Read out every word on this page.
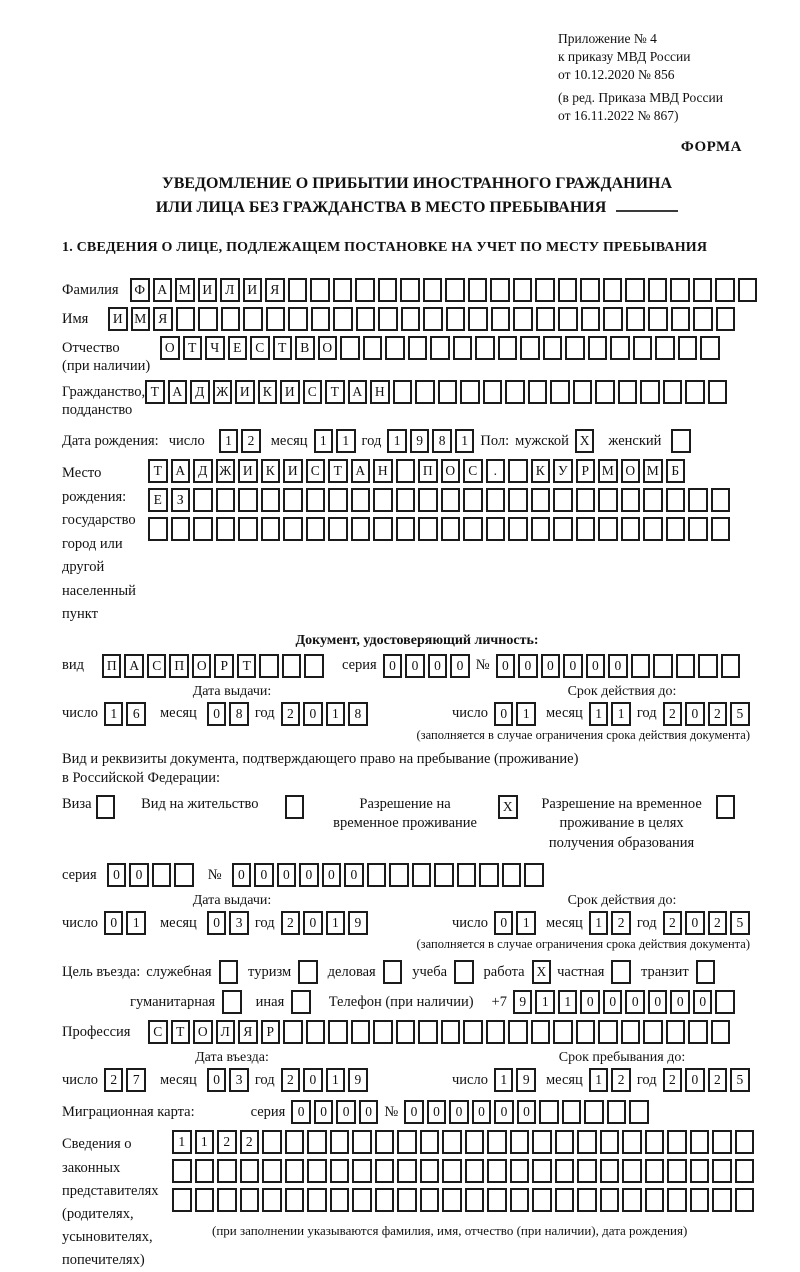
Приложение № 4
к приказу МВД России
от 10.12.2020 № 856
(в ред. Приказа МВД России
от 16.11.2022 № 867)
ФОРМА
УВЕДОМЛЕНИЕ О ПРИБЫТИИ ИНОСТРАННОГО ГРАЖДАНИНА
ИЛИ ЛИЦА БЕЗ ГРАЖДАНСТВА В МЕСТО ПРЕБЫВАНИЯ
1. СВЕДЕНИЯ О ЛИЦЕ, ПОДЛЕЖАЩЕМ ПОСТАНОВКЕ НА УЧЕТ ПО МЕСТУ ПРЕБЫВАНИЯ
Фамилия	Ф А М И Л И Я
Имя	И М Я
Отчество
(при наличии)
О	Т	Ч	Е	С	Т	В О
Гражданство,
подданство
Т	А Д Ж И К И С	Т	А Н
Дата рождения: число	1	2	месяц 1	1 год 1	9	8	1 Пол: мужской X	женский
Место рождения:
государство
город или другой
населенный пункт
Т	А Д Ж И К И С	Т	А Н	П О С	.	К У	Р М О М Б
Е	З
Документ, удостоверяющий личность:
вид	П А С П О	Р	Т	серия 0	0	0	0 № 0	0	0	0	0	0
Дата выдачи:
число 1	6	месяц	0	8 год 2	0	1	8
Срок действия до:
число 0	1	месяц 1	1 год 2	0	2	5
(заполняется в случае ограничения срока действия документа)
Вид и реквизиты документа, подтверждающего право на пребывание (проживание)
в Российской Федерации:
Виза	Вид на жительство	Разрешение на временное проживание
X	Разрешение на временное проживание в целях получения образования
серия	0	0	№	0	0	0	0	0	0
Дата выдачи:
число 0	1	месяц	0	3 год 2	0	1	9
Срок действия до:
число 0	1	месяц 1	2 год 2	0	2	5
(заполняется в случае ограничения срока действия документа)
Цель въезда: служебная	туризм	деловая	учеба	работа X частная	транзит
гуманитарная	иная	Телефон (при наличии) +7 9	1	1	0	0	0	0	0	0
Профессия	С	Т	О Л Я	Р
Дата въезда:
число 2	7	месяц	0	3 год 2	0	1	9
Срок пребывания до:
число 1	9	месяц 1	2 год 2	0	2	5
Миграционная карта:	серия 0	0	0	0 № 0	0	0	0	0	0
Сведения о
законных
представителях
(родителях,
усыновителях,
попечителях)
1	1	2	2
(при заполнении указываются фамилия, имя, отчество (при наличии), дата рождения)
